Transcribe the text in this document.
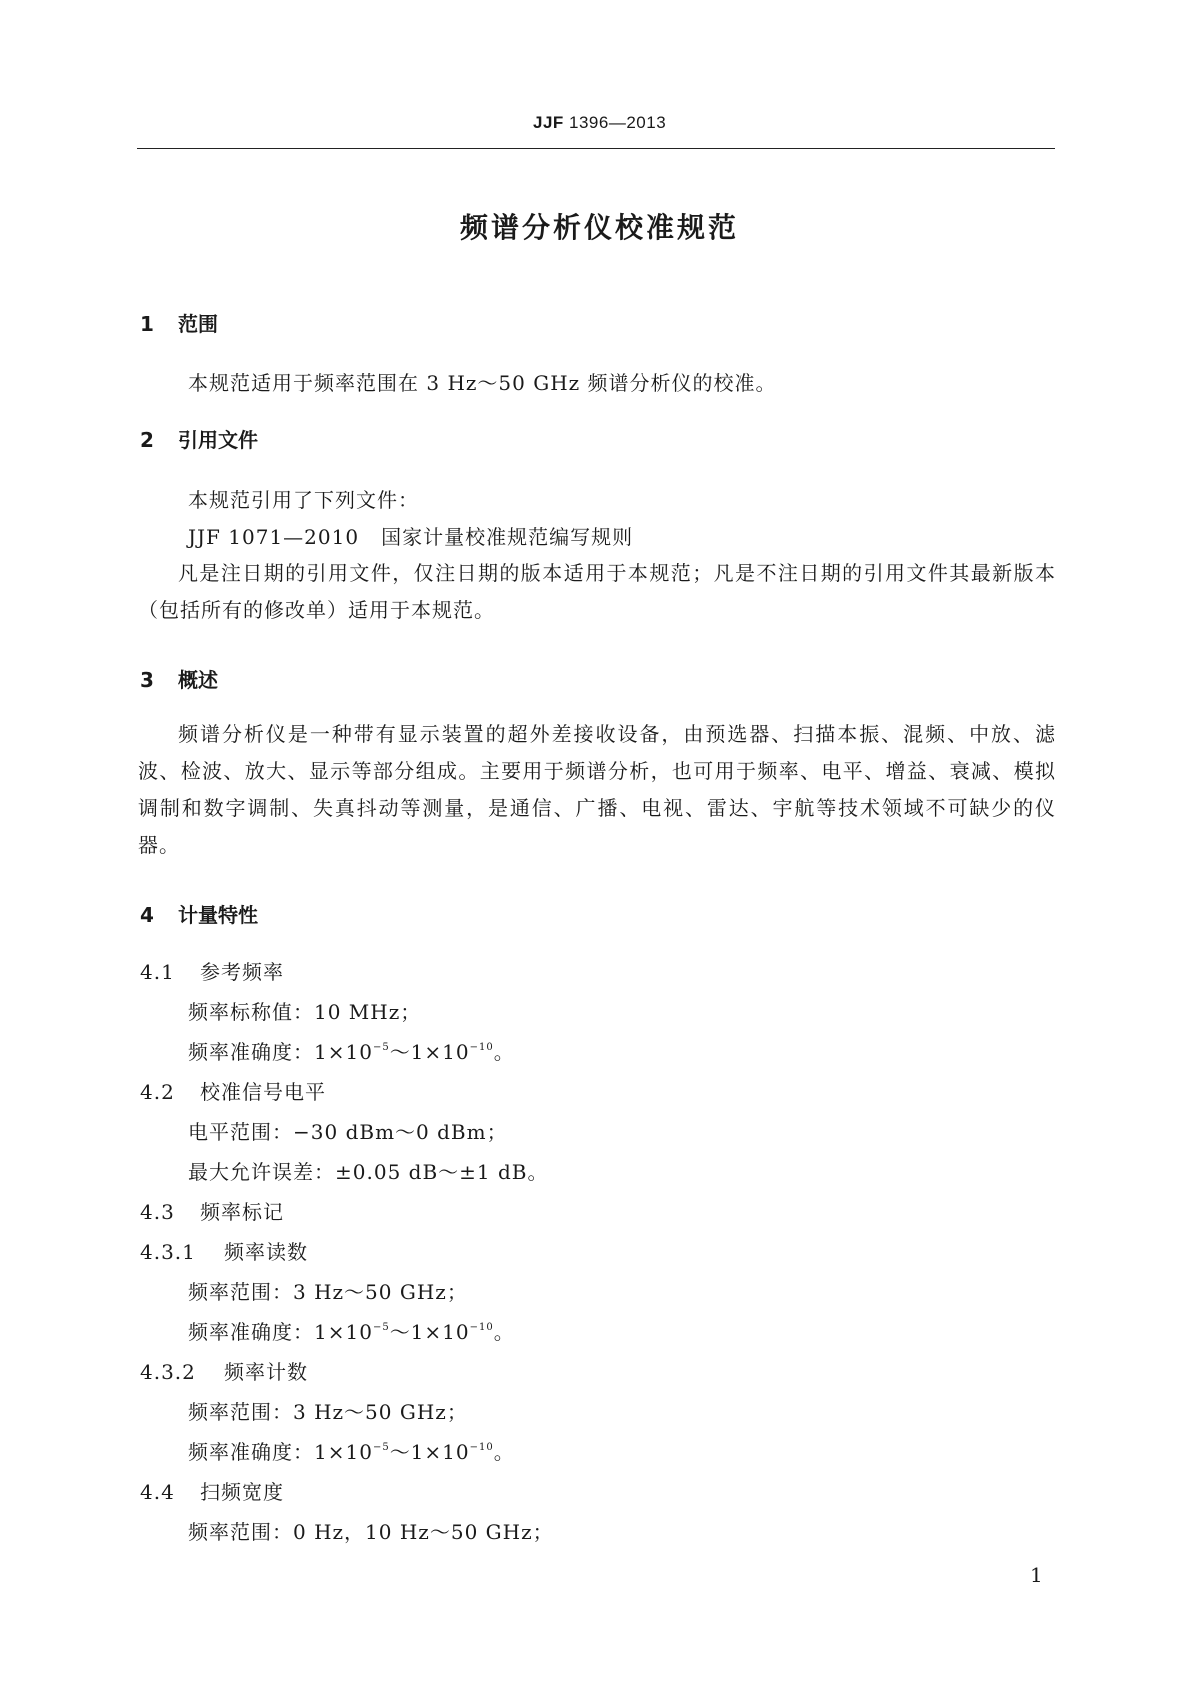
JJF 1396—2013
频谱分析仪校准规范
1 范围
本规范适用于频率范围在 3 Hz～50 GHz 频谱分析仪的校准。
2 引用文件
本规范引用了下列文件：
JJF 1071—2010 国家计量校准规范编写规则
凡是注日期的引用文件，仅注日期的版本适用于本规范；凡是不注日期的引用文件其最新版本（包括所有的修改单）适用于本规范。
3 概述
频谱分析仪是一种带有显示装置的超外差接收设备，由预选器、扫描本振、混频、中放、滤波、检波、放大、显示等部分组成。主要用于频谱分析，也可用于频率、电平、增益、衰减、模拟调制和数字调制、失真抖动等测量，是通信、广播、电视、雷达、宇航等技术领域不可缺少的仪器。
4 计量特性
4.1 参考频率
频率标称值：10 MHz；
频率准确度：$1\times 10^{-5}\sim 1\times 10^{-10}$。
4.2 校准信号电平
电平范围：−30 dBm～0 dBm；
最大允许误差：±0.05 dB～±1 dB。
4.3 频率标记
4.3.1 频率读数
频率范围：3 Hz～50 GHz；
频率准确度：$1\times 10^{-5}\sim 1\times 10^{-10}$。
4.3.2 频率计数
频率范围：3 Hz～50 GHz；
频率准确度：$1\times 10^{-5}\sim 1\times 10^{-10}$。
4.4 扫频宽度
频率范围：0 Hz，10 Hz～50 GHz；
1
